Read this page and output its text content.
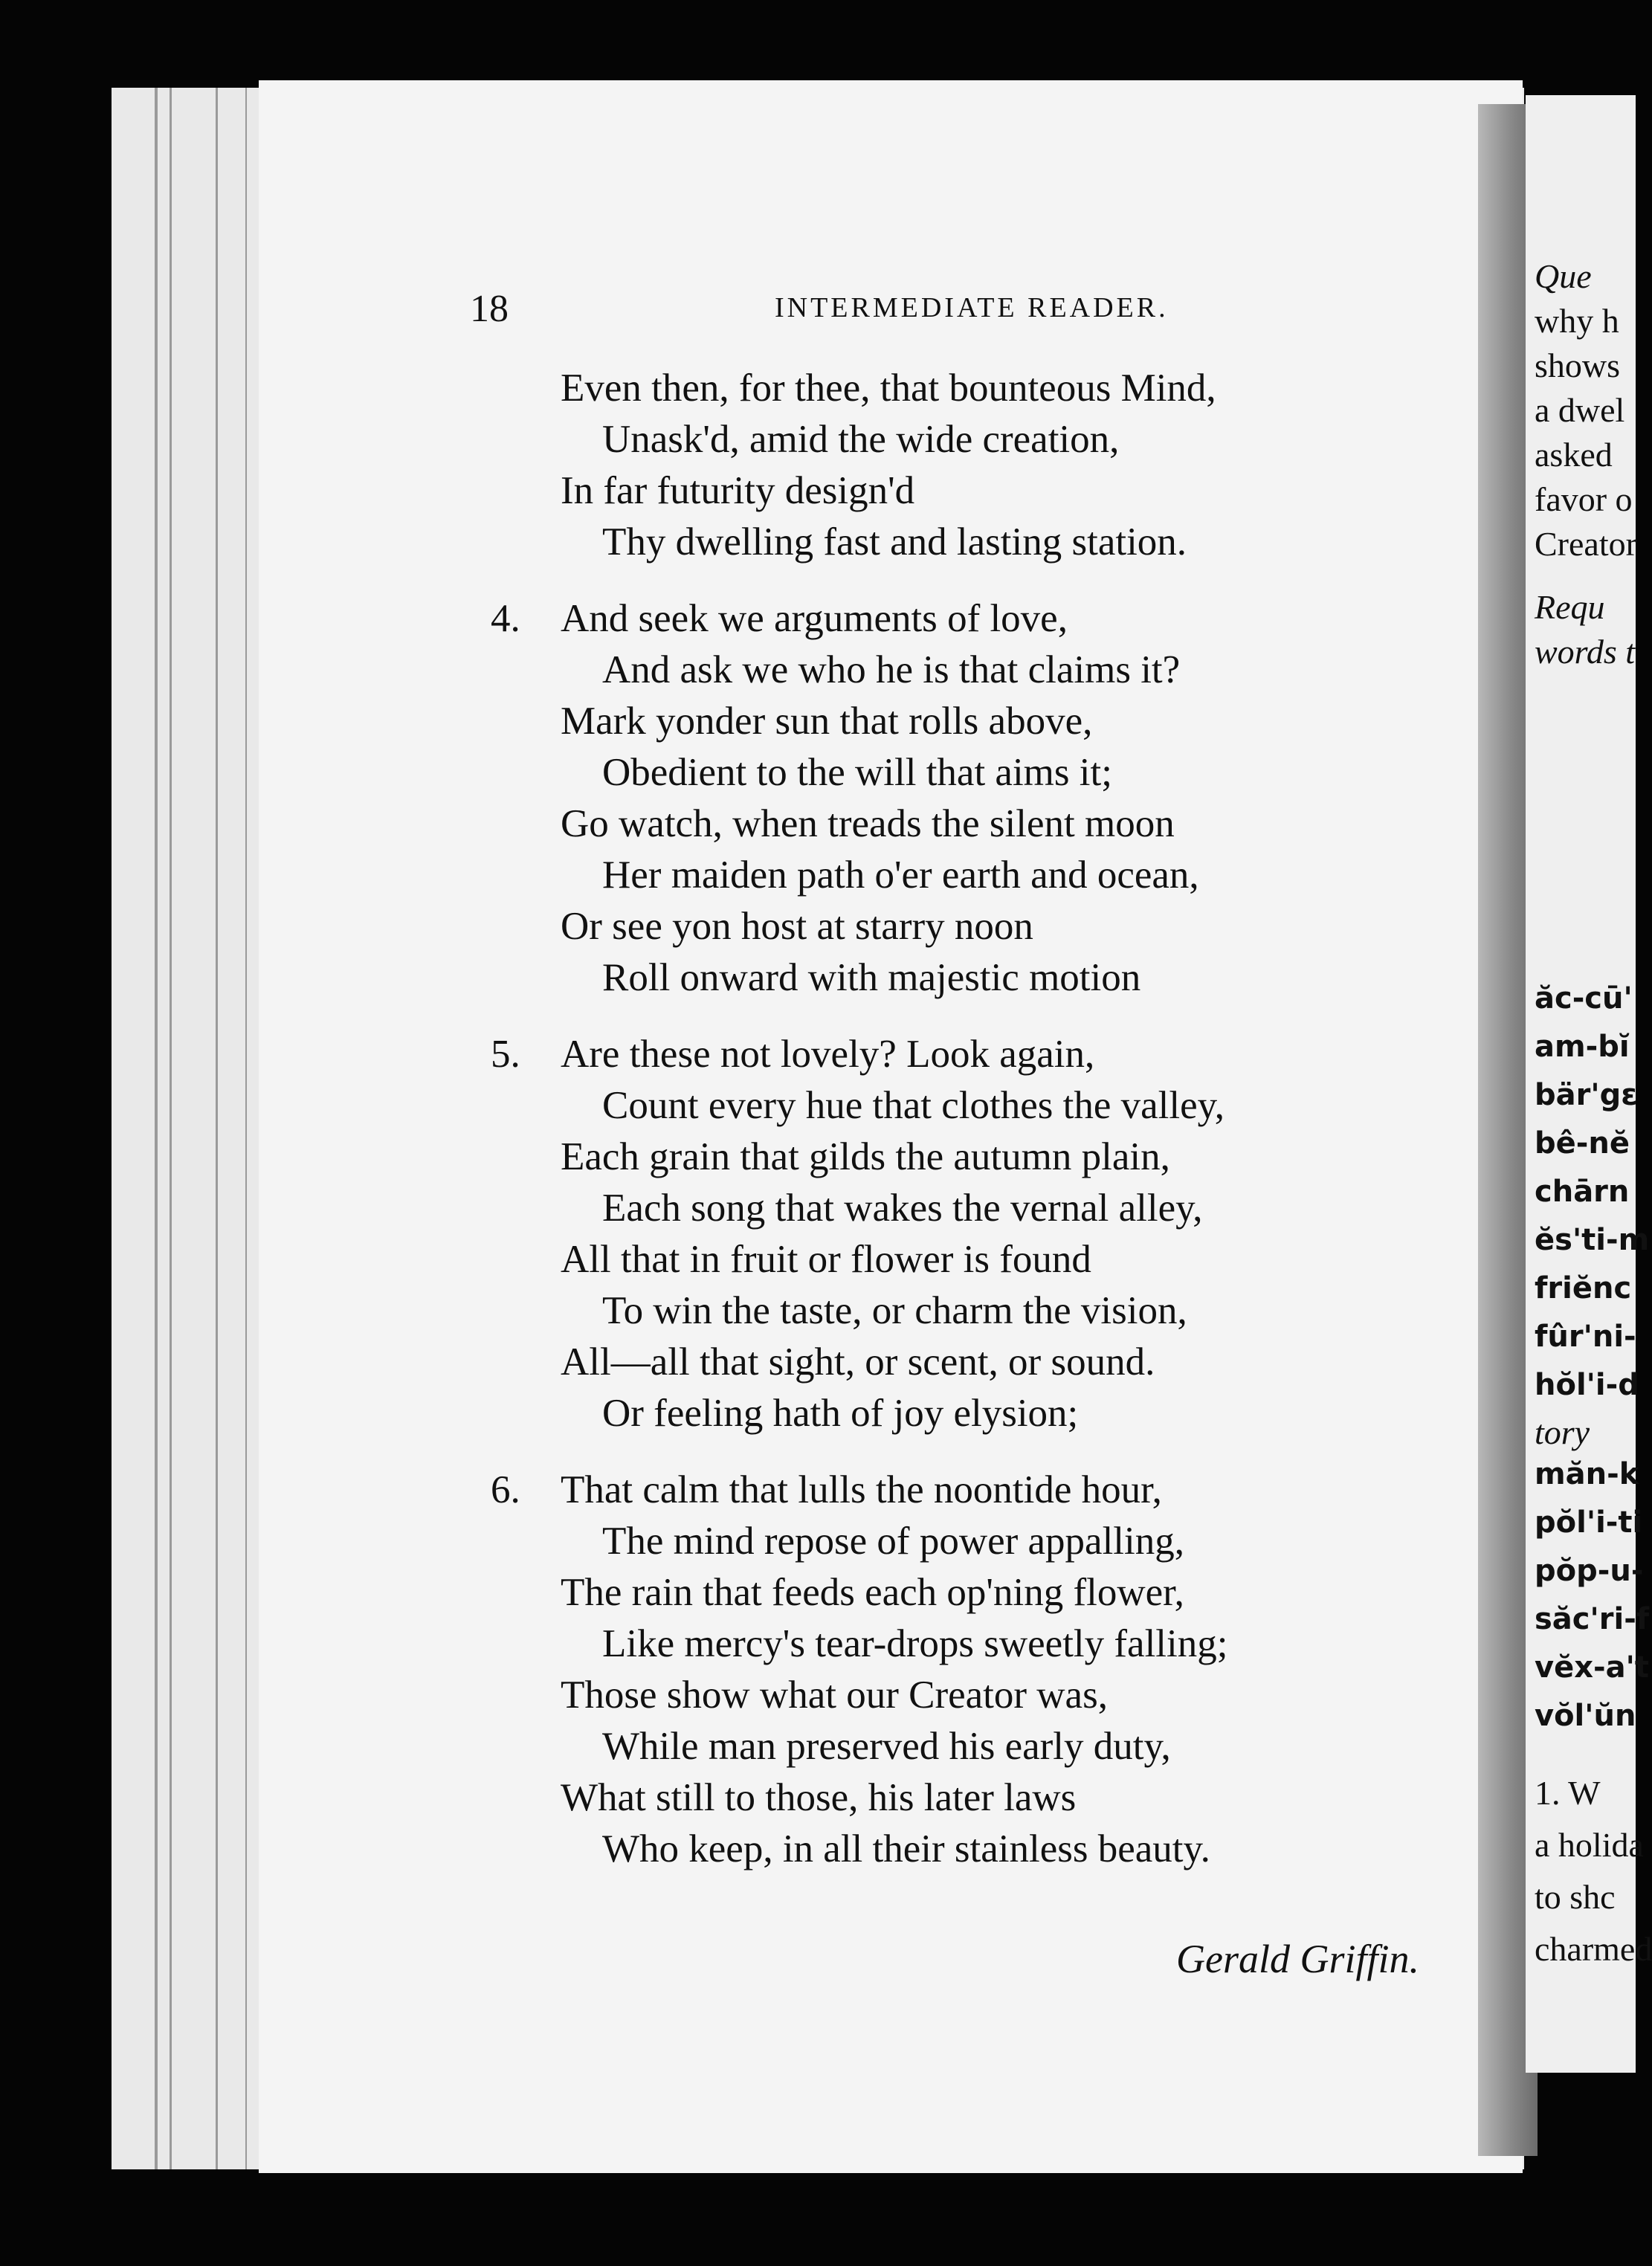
Que
why h
shows
a dwel
asked
favor o
Creator
Requ
words t
ăc-cū'
am-bĭ
bär'gɛ
bê-nĕ
chārn
ĕs'ti-m
friĕnc
fûr'ni-
hŏl'i-d
tory
măn-k
pŏl'i-ti
pŏp-u-
săc'ri-f
vĕx-a't
vŏl'ŭn
1. W
a holida
to shc
charmed
18	INTERMEDIATE READER.
Even then, for thee, that bounteous Mind,
Unask'd, amid the wide creation,
In far futurity design'd
Thy dwelling fast and lasting station.
4. And seek we arguments of love,
And ask we who he is that claims it?
Mark yonder sun that rolls above,
Obedient to the will that aims it;
Go watch, when treads the silent moon
Her maiden path o'er earth and ocean,
Or see yon host at starry noon
Roll onward with majestic motion
5. Are these not lovely? Look again,
Count every hue that clothes the valley,
Each grain that gilds the autumn plain,
Each song that wakes the vernal alley,
All that in fruit or flower is found
To win the taste, or charm the vision,
All—all that sight, or scent, or sound.
Or feeling hath of joy elysion;
6. That calm that lulls the noontide hour,
The mind repose of power appalling,
The rain that feeds each op'ning flower,
Like mercy's tear-drops sweetly falling;
Those show what our Creator was,
While man preserved his early duty,
What still to those, his later laws
Who keep, in all their stainless beauty.
Gerald Griffin.
